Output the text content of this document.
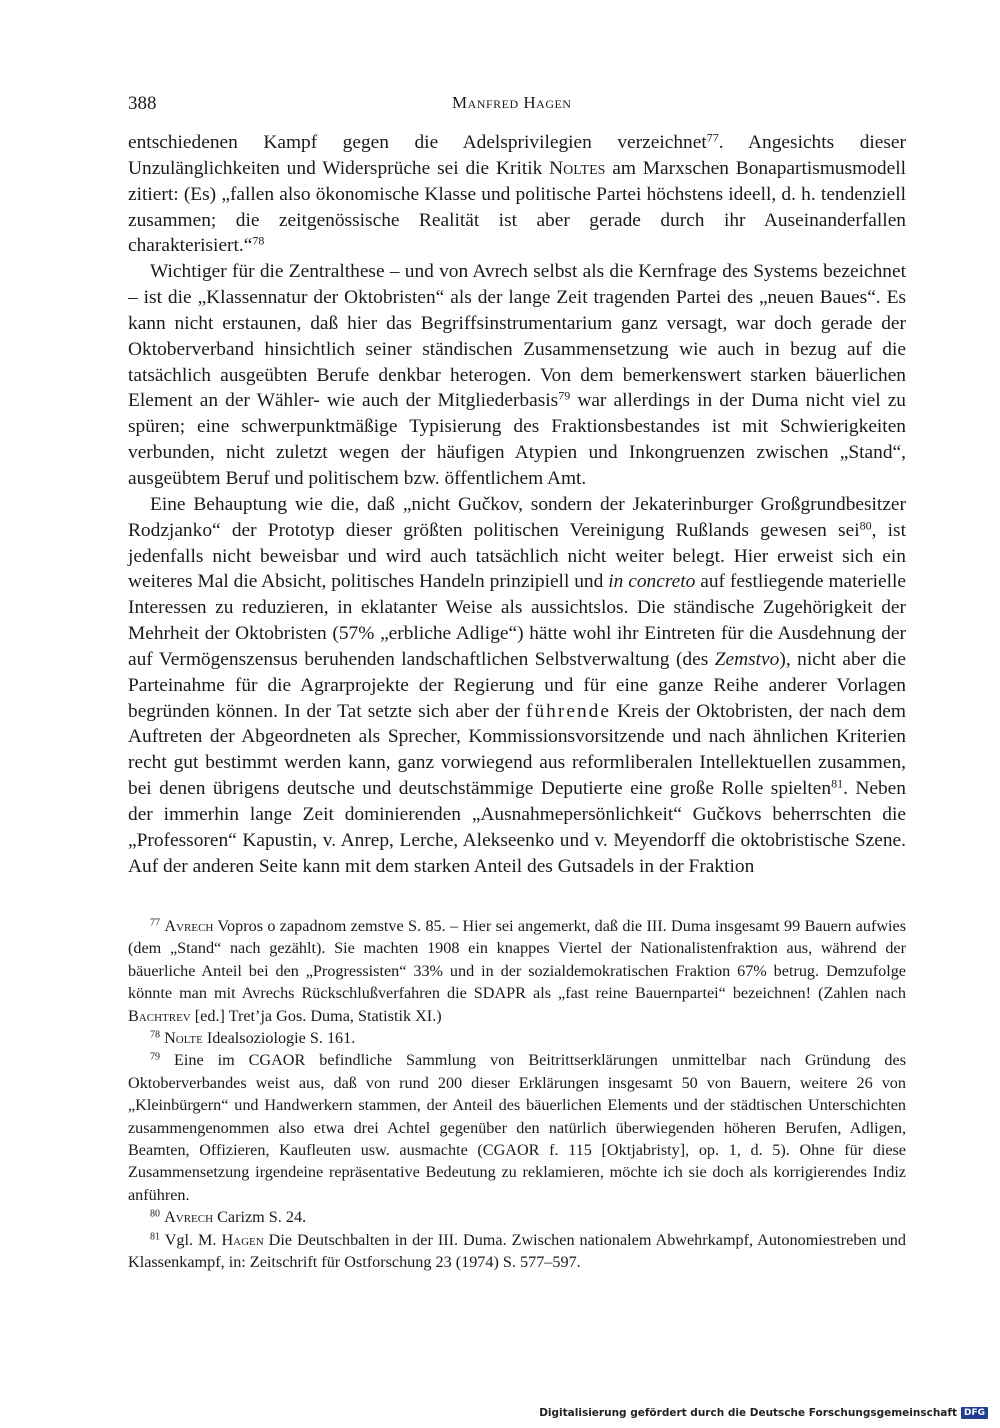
388	Manfred Hagen

entschiedenen Kampf gegen die Adelsprivilegien verzeichnet$^{77}$. Angesichts dieser Unzulänglichkeiten und Widersprüche sei die Kritik Noltes am Marxschen Bonapartismusmodell zitiert: (Es) „fallen also ökonomische Klasse und politische Partei höchstens ideell, d. h. tendenziell zusammen; die zeitgenössische Realität ist aber gerade durch ihr Auseinanderfallen charakterisiert.“$^{78}$

Wichtiger für die Zentralthese – und von Avrech selbst als die Kernfrage des Systems bezeichnet – ist die „Klassennatur der Oktobristen“ als der lange Zeit tragenden Partei des „neuen Baues“. Es kann nicht erstaunen, daß hier das Begriffsinstrumentarium ganz versagt, war doch gerade der Oktoberverband hinsichtlich seiner ständischen Zusammensetzung wie auch in bezug auf die tatsächlich ausgeübten Berufe denkbar heterogen. Von dem bemerkenswert starken bäuerlichen Element an der Wähler- wie auch der Mitgliederbasis$^{79}$ war allerdings in der Duma nicht viel zu spüren; eine schwerpunktmäßige Typisierung des Fraktionsbestandes ist mit Schwierigkeiten verbunden, nicht zuletzt wegen der häufigen Atypien und Inkongruenzen zwischen „Stand“, ausgeübtem Beruf und politischem bzw. öffentlichem Amt.

Eine Behauptung wie die, daß „nicht Gučkov, sondern der Jekaterinburger Großgrundbesitzer Rodzjanko“ der Prototyp dieser größten politischen Vereinigung Rußlands gewesen sei$^{80}$, ist jedenfalls nicht beweisbar und wird auch tatsächlich nicht weiter belegt. Hier erweist sich ein weiteres Mal die Absicht, politisches Handeln prinzipiell und in concreto auf festliegende materielle Interessen zu reduzieren, in eklatanter Weise als aussichtslos. Die ständische Zugehörigkeit der Mehrheit der Oktobristen (57% „erbliche Adlige“) hätte wohl ihr Eintreten für die Ausdehnung der auf Vermögenszensus beruhenden landschaftlichen Selbstverwaltung (des Zemstvo), nicht aber die Parteinahme für die Agrarprojekte der Regierung und für eine ganze Reihe anderer Vorlagen begründen können. In der Tat setzte sich aber der führende Kreis der Oktobristen, der nach dem Auftreten der Abgeordneten als Sprecher, Kommissionsvorsitzende und nach ähnlichen Kriterien recht gut bestimmt werden kann, ganz vorwiegend aus reformliberalen Intellektuellen zusammen, bei denen übrigens deutsche und deutschstämmige Deputierte eine große Rolle spielten$^{81}$. Neben der immerhin lange Zeit dominierenden „Ausnahmepersönlichkeit“ Gučkovs beherrschten die „Professoren“ Kapustin, v. Anrep, Lerche, Alekseenko und v. Meyendorff die oktobristische Szene. Auf der anderen Seite kann mit dem starken Anteil des Gutsadels in der Fraktion

$^{77}$ Avrech Vopros o zapadnom zemstve S. 85. – Hier sei angemerkt, daß die III. Duma insgesamt 99 Bauern aufwies (dem „Stand“ nach gezählt). Sie machten 1908 ein knappes Viertel der Nationalistenfraktion aus, während der bäuerliche Anteil bei den „Progressisten“ 33% und in der sozialdemokratischen Fraktion 67% betrug. Demzufolge könnte man mit Avrechs Rückschlußverfahren die SDAPR als „fast reine Bauernpartei“ bezeichnen! (Zahlen nach Bachtrev [ed.] Tret’ja Gos. Duma, Statistik XI.)

$^{78}$ Nolte Idealsoziologie S. 161.

$^{79}$ Eine im CGAOR befindliche Sammlung von Beitrittserklärungen unmittelbar nach Gründung des Oktoberverbandes weist aus, daß von rund 200 dieser Erklärungen insgesamt 50 von Bauern, weitere 26 von „Kleinbürgern“ und Handwerkern stammen, der Anteil des bäuerlichen Elements und der städtischen Unterschichten zusammengenommen also etwa drei Achtel gegenüber den natürlich überwiegenden höheren Berufen, Adligen, Beamten, Offizieren, Kaufleuten usw. ausmachte (CGAOR f. 115 [Oktjabristy], op. 1, d. 5). Ohne für diese Zusammensetzung irgendeine repräsentative Bedeutung zu reklamieren, möchte ich sie doch als korrigierendes Indiz anführen.

$^{80}$ Avrech Carizm S. 24.

$^{81}$ Vgl. M. Hagen Die Deutschbalten in der III. Duma. Zwischen nationalem Abwehrkampf, Autonomiestreben und Klassenkampf, in: Zeitschrift für Ostforschung 23 (1974) S. 577–597.

Digitalisierung gefördert durch die Deutsche Forschungsgemeinschaft DFG
